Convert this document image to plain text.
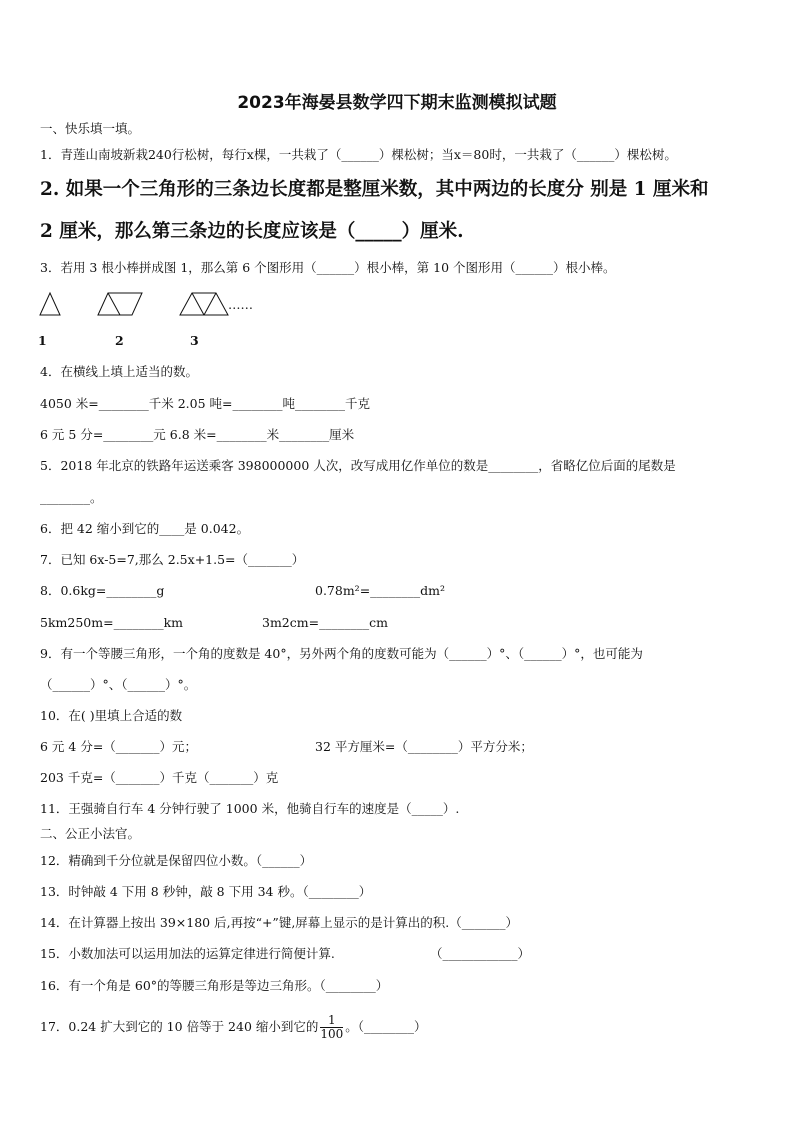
2023年海晏县数学四下期末监测模拟试题
一、快乐填一填。
1．青莲山南坡新栽240行松树，每行x棵，一共栽了（______）棵松树；当x＝80时，一共栽了（______）棵松树。
2. 如果一个三角形的三条边长度都是整厘米数，其中两边的长度分 别是 1 厘米和
2 厘米，那么第三条边的长度应该是（_____）厘米.
3．若用 3 根小棒拼成图 1，那么第 6 个图形用（______）根小棒，第 10 个图形用（______）根小棒。
……
1	2	3
4．在横线上填上适当的数。
4050 米=________千米 2.05 吨=________吨________千克
6 元 5 分=________元 6.8 米=________米________厘米
5．2018 年北京的铁路年运送乘客 398000000 人次，改写成用亿作单位的数是________，省略亿位后面的尾数是
________。
6．把 42 缩小到它的____是 0.042。
7．已知 6x-5=7,那么 2.5x+1.5=（_______）
8．0.6kg=________g	0.78m²=________dm²
5km250m=________km	3m2cm=________cm
9．有一个等腰三角形，一个角的度数是 40°，另外两个角的度数可能为（______）°、（______）°，也可能为
（______）°、（______）°。
10．在( )里填上合适的数
6 元 4 分=（_______）元；	32 平方厘米=（________）平方分米；
203 千克=（_______）千克（_______）克
11．王强骑自行车 4 分钟行驶了 1000 米，他骑自行车的速度是（_____）.
二、公正小法官。
12．精确到千分位就是保留四位小数。（______）
13．时钟敲 4 下用 8 秒钟，敲 8 下用 34 秒。（________）
14．在计算器上按出 39×180 后,再按“+”键,屏幕上显示的是计算出的积.（_______）
15．小数加法可以运用加法的运算定律进行简便计算.	（____________）
16．有一个角是 60°的等腰三角形是等边三角形。（________）
17．0.24 扩大到它的 10 倍等于 240 缩小到它的 $\frac{1}{100}$ 。（________）
